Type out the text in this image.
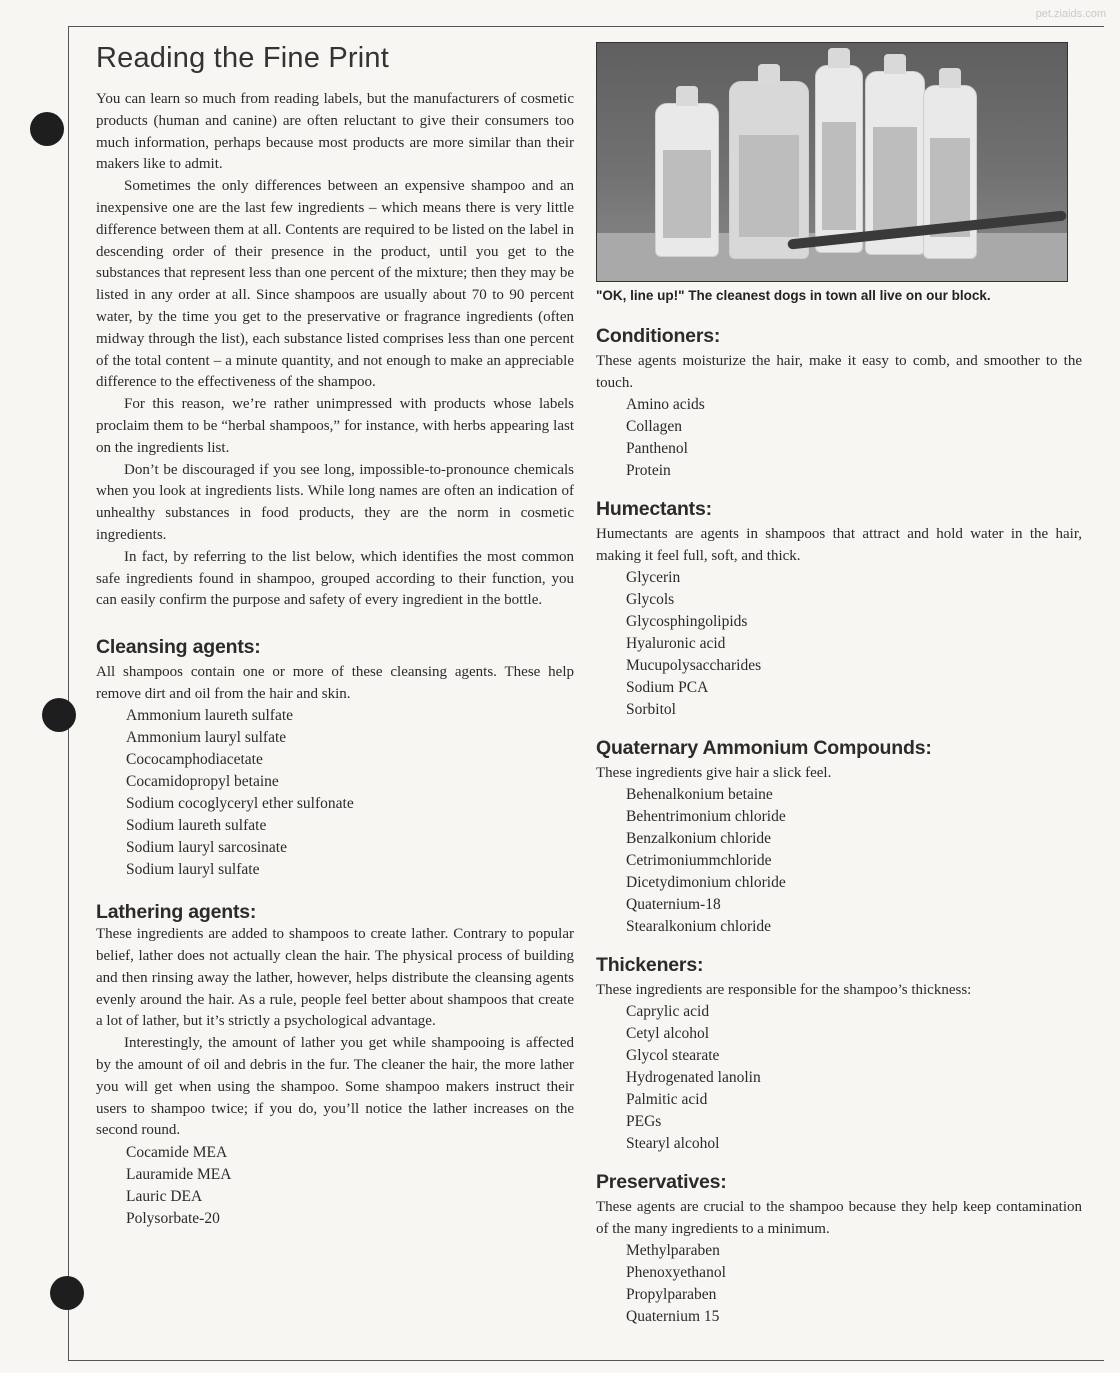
pet.ziaids.com
Reading the Fine Print

You can learn so much from reading labels, but the manufacturers of cosmetic products (human and canine) are often reluctant to give their consumers too much information, perhaps because most products are more similar than their makers like to admit.

Sometimes the only differences between an expensive shampoo and an inexpensive one are the last few ingredients – which means there is very little difference between them at all. Contents are required to be listed on the label in descending order of their presence in the product, until you get to the substances that represent less than one percent of the mixture; then they may be listed in any order at all. Since shampoos are usually about 70 to 90 percent water, by the time you get to the preservative or fragrance ingredients (often midway through the list), each substance listed comprises less than one percent of the total content – a minute quantity, and not enough to make an appreciable difference to the effectiveness of the shampoo.

For this reason, we’re rather unimpressed with products whose labels proclaim them to be “herbal shampoos,” for instance, with herbs appearing last on the ingredients list.

Don’t be discouraged if you see long, impossible-to-pronounce chemicals when you look at ingredients lists. While long names are often an indication of unhealthy substances in food products, they are the norm in cosmetic ingredients.

In fact, by referring to the list below, which identifies the most common safe ingredients found in shampoo, grouped according to their function, you can easily confirm the purpose and safety of every ingredient in the bottle.

Cleansing agents:

All shampoos contain one or more of these cleansing agents. These help remove dirt and oil from the hair and skin.

Ammonium laureth sulfate
Ammonium lauryl sulfate
Cococamphodiacetate
Cocamidopropyl betaine
Sodium cocoglyceryl ether sulfonate
Sodium laureth sulfate
Sodium lauryl sarcosinate
Sodium lauryl sulfate
Lathering agents:

These ingredients are added to shampoos to create lather. Contrary to popular belief, lather does not actually clean the hair. The physical process of building and then rinsing away the lather, however, helps distribute the cleansing agents evenly around the hair. As a rule, people feel better about shampoos that create a lot of lather, but it’s strictly a psychological advantage.

Interestingly, the amount of lather you get while shampooing is affected by the amount of oil and debris in the fur. The cleaner the hair, the more lather you will get when using the shampoo. Some shampoo makers instruct their users to shampoo twice; if you do, you’ll notice the lather increases on the second round.

Cocamide MEA
Lauramide MEA
Lauric DEA
Polysorbate-20
"OK, line up!" The cleanest dogs in town all live on our block.
Conditioners:

These agents moisturize the hair, make it easy to comb, and smoother to the touch.

Amino acids
Collagen
Panthenol
Protein
Humectants:

Humectants are agents in shampoos that attract and hold water in the hair, making it feel full, soft, and thick.

Glycerin
Glycols
Glycosphingolipids
Hyaluronic acid
Mucupolysaccharides
Sodium PCA
Sorbitol
Quaternary Ammonium Compounds:

These ingredients give hair a slick feel.

Behenalkonium betaine
Behentrimonium chloride
Benzalkonium chloride
Cetrimoniummchloride
Dicetydimonium chloride
Quaternium-18
Stearalkonium chloride
Thickeners:

These ingredients are responsible for the shampoo’s thickness:

Caprylic acid
Cetyl alcohol
Glycol stearate
Hydrogenated lanolin
Palmitic acid
PEGs
Stearyl alcohol
Preservatives:

These agents are crucial to the shampoo because they help keep contamination of the many ingredients to a minimum.

Methylparaben
Phenoxyethanol
Propylparaben
Quaternium 15
